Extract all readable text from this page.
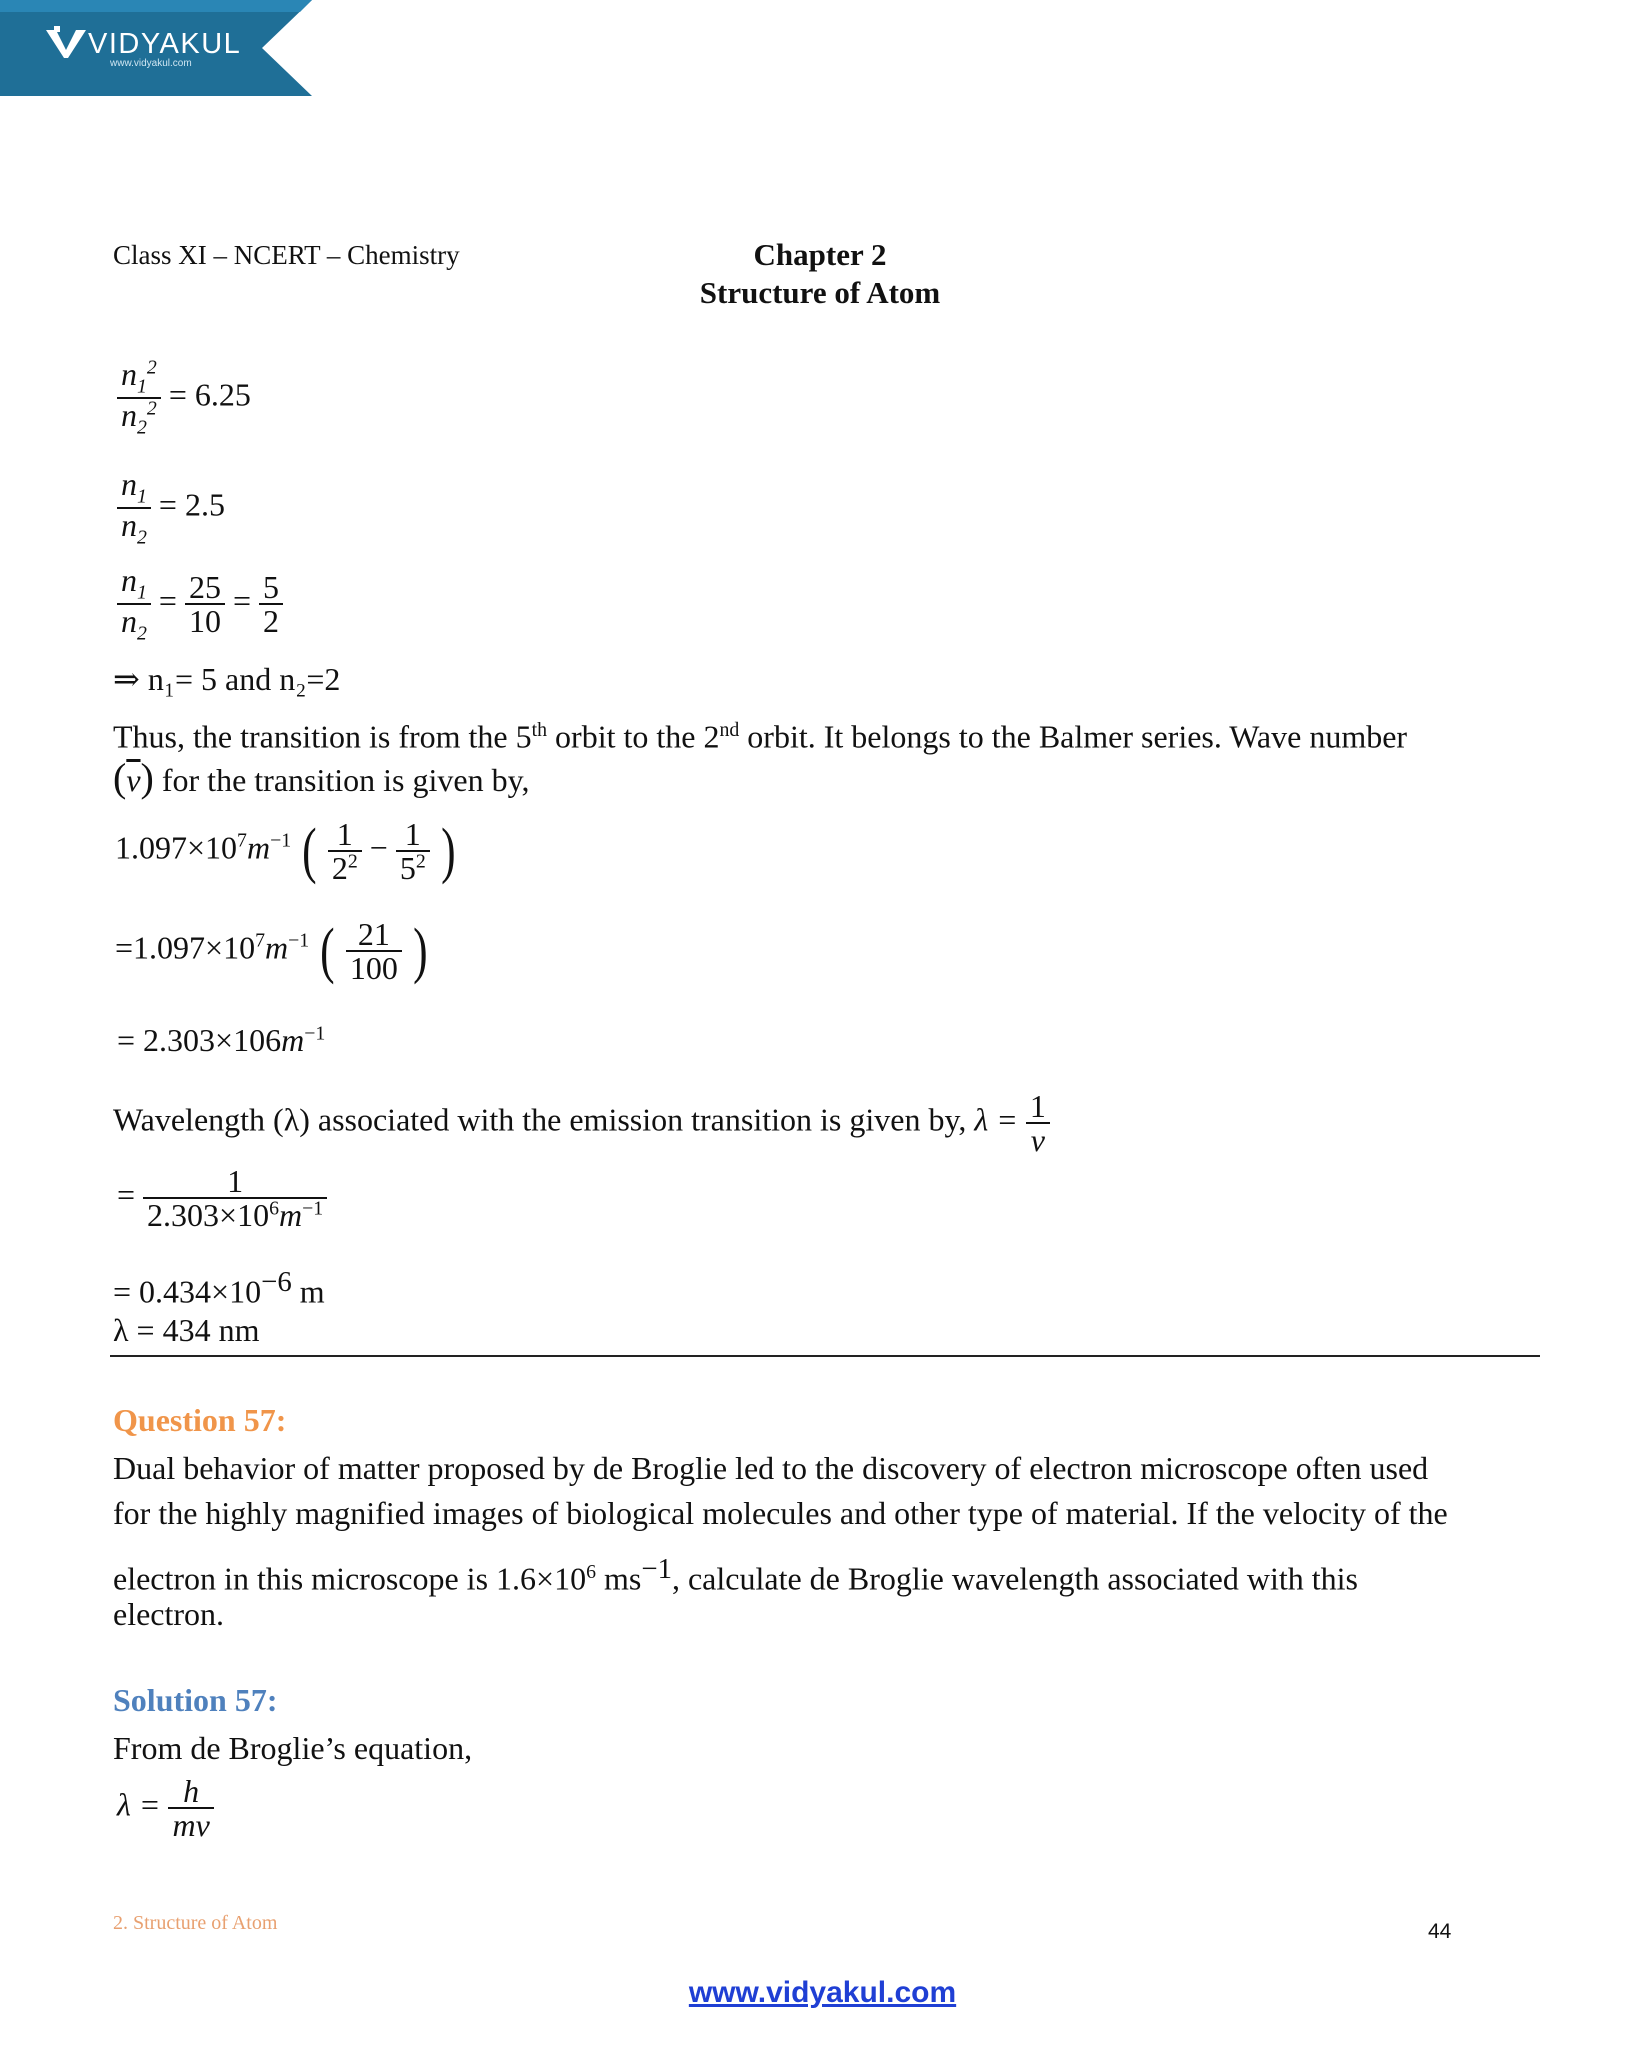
VIDYAKUL
www.vidyakul.com
Class XI – NCERT – Chemistry	Chapter 2
Structure of Atom
$\frac{n_1^2}{n_2^2} = 6.25$
$\frac{n_1}{n_2} = 2.5$
$\frac{n_1}{n_2} = \frac{25}{10} = \frac{5}{2}$
⇒ n₁= 5 and n₂=2
Thus, the transition is from the 5th orbit to the 2nd orbit. It belongs to the Balmer series. Wave number
$(\overline{v})$ for the transition is given by,
$1.097\times 10^7m^{-1}$ ( $\frac{1}{2^2} - \frac{1}{5^2}$ )
$=1.097\times 10^7m^{-1}$ ( $\frac{21}{100}$ )
= $2.303\times 106m^{-1}$
Wavelength (λ) associated with the emission transition is given by, $\lambda = \frac{1}{v}$
= $\frac{1}{2.303\times 10^6m^{-1}}$
= $0.434\times 10^{-6}$ m
λ = 434 nm
Question 57:
Dual behavior of matter proposed by de Broglie led to the discovery of electron microscope often used
for the highly magnified images of biological molecules and other type of material. If the velocity of the
electron in this microscope is $1.6\times 10^6$ $ms^{-1}$, calculate de Broglie wavelength associated with this
electron.
Solution 57:
From de Broglie’s equation,
$\lambda = \frac{h}{mv}$
2. Structure of Atom	44
www.vidyakul.com
